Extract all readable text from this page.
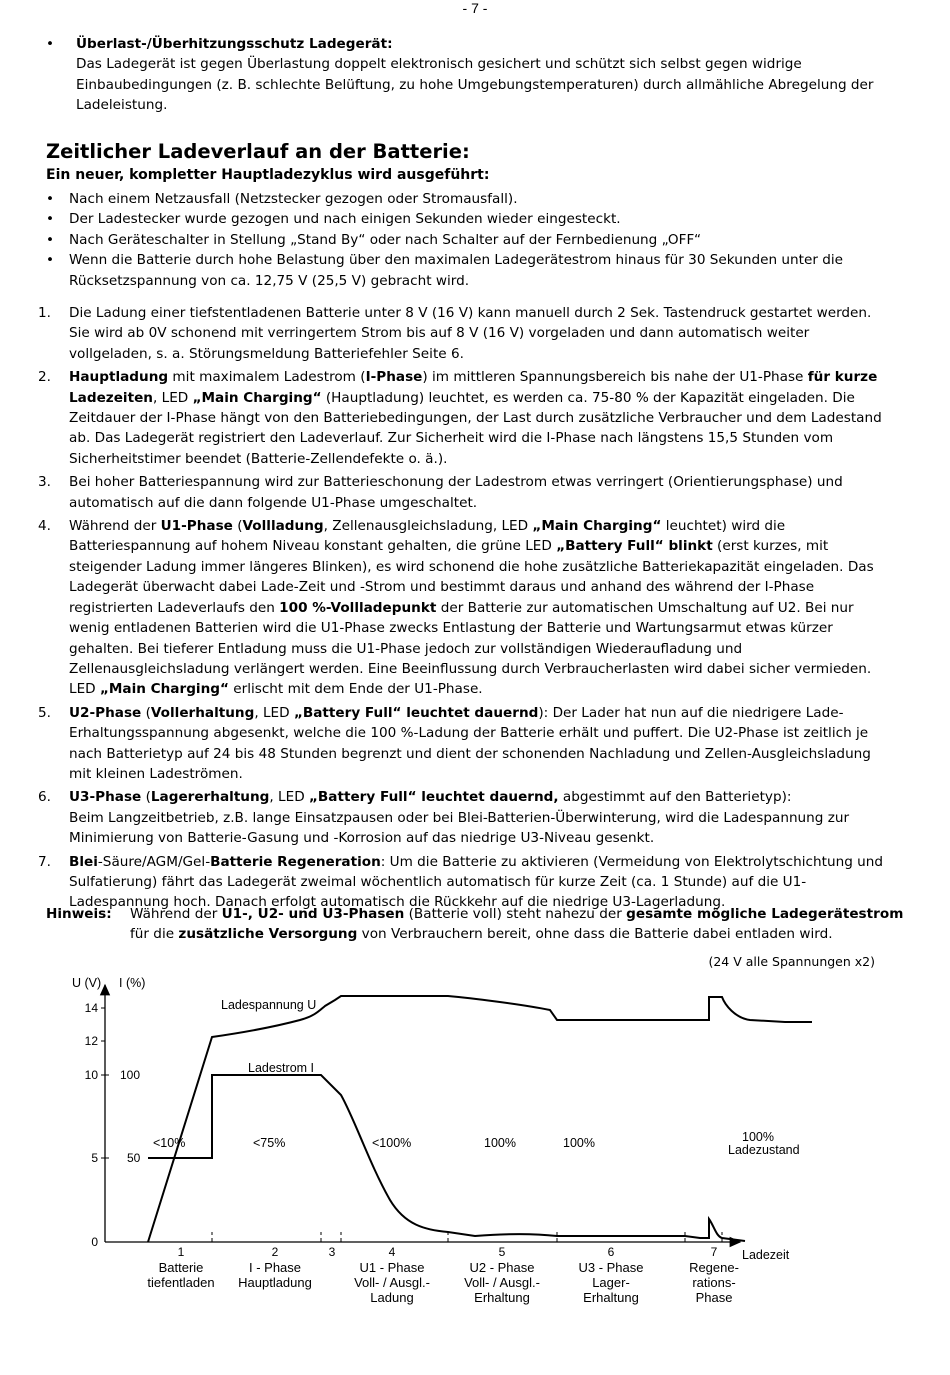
- 7 -
• Überlast-/Überhitzungsschutz Ladegerät:
Das Ladegerät ist gegen Überlastung doppelt elektronisch gesichert und schützt sich selbst gegen widrige Einbaubedingungen (z. B. schlechte Belüftung, zu hohe Umgebungstemperaturen) durch allmähliche Abregelung der Ladeleistung.
Zeitlicher Ladeverlauf an der Batterie:
Ein neuer, kompletter Hauptladezyklus wird ausgeführt:
• Nach einem Netzausfall (Netzstecker gezogen oder Stromausfall).
• Der Ladestecker wurde gezogen und nach einigen Sekunden wieder eingesteckt.
• Nach Geräteschalter in Stellung „Stand By“ oder nach Schalter auf der Fernbedienung „OFF“
• Wenn die Batterie durch hohe Belastung über den maximalen Ladegerätestrom hinaus für 30 Sekunden unter die Rücksetzspannung von ca. 12,75 V (25,5 V) gebracht wird.
1. Die Ladung einer tiefstentladenen Batterie unter 8 V (16 V) kann manuell durch 2 Sek. Tastendruck gestartet werden. Sie wird ab 0V schonend mit verringertem Strom bis auf 8 V (16 V) vorgeladen und dann automatisch weiter vollgeladen, s. a. Störungsmeldung Batteriefehler Seite 6.
2. Hauptladung mit maximalem Ladestrom (I-Phase) im mittleren Spannungsbereich bis nahe der U1-Phase für kurze Ladezeiten, LED „Main Charging“ (Hauptladung) leuchtet, es werden ca. 75-80 % der Kapazität eingeladen. Die Zeitdauer der I-Phase hängt von den Batteriebedingungen, der Last durch zusätzliche Verbraucher und dem Ladestand ab. Das Ladegerät registriert den Ladeverlauf. Zur Sicherheit wird die I-Phase nach längstens 15,5 Stunden vom Sicherheitstimer beendet (Batterie-Zellendefekte o. ä.).
3. Bei hoher Batteriespannung wird zur Batterieschonung der Ladestrom etwas verringert (Orientierungsphase) und automatisch auf die dann folgende U1-Phase umgeschaltet.
4. Während der U1-Phase (Vollladung, Zellenausgleichsladung, LED „Main Charging“ leuchtet) wird die Batteriespannung auf hohem Niveau konstant gehalten, die grüne LED „Battery Full“ blinkt (erst kurzes, mit steigender Ladung immer längeres Blinken), es wird schonend die hohe zusätzliche Batteriekapazität eingeladen. Das Ladegerät überwacht dabei Lade-Zeit und -Strom und bestimmt daraus und anhand des während der I-Phase registrierten Ladeverlaufs den 100 %-Vollladepunkt der Batterie zur automatischen Umschaltung auf U2. Bei nur wenig entladenen Batterien wird die U1-Phase zwecks Entlastung der Batterie und Wartungsarmut etwas kürzer gehalten. Bei tieferer Entladung muss die U1-Phase jedoch zur vollständigen Wiederaufladung und Zellenausgleichsladung verlängert werden. Eine Beeinflussung durch Verbraucherlasten wird dabei sicher vermieden. LED „Main Charging“ erlischt mit dem Ende der U1-Phase.
5. U2-Phase (Vollerhaltung, LED „Battery Full“ leuchtet dauernd): Der Lader hat nun auf die niedrigere Lade-Erhaltungsspannung abgesenkt, welche die 100 %-Ladung der Batterie erhält und puffert. Die U2-Phase ist zeitlich je nach Batterietyp auf 24 bis 48 Stunden begrenzt und dient der schonenden Nachladung und Zellen-Ausgleichsladung mit kleinen Ladeströmen.
6. U3-Phase (Lagererhaltung, LED „Battery Full“ leuchtet dauernd, abgestimmt auf den Batterietyp):
Beim Langzeitbetrieb, z.B. lange Einsatzpausen oder bei Blei-Batterien-Überwinterung, wird die Ladespannung zur Minimierung von Batterie-Gasung und -Korrosion auf das niedrige U3-Niveau gesenkt.
7. Blei-Säure/AGM/Gel-Batterie Regeneration: Um die Batterie zu aktivieren (Vermeidung von Elektrolytschichtung und Sulfatierung) fährt das Ladegerät zweimal wöchentlich automatisch für kurze Zeit (ca. 1 Stunde) auf die U1-Ladespannung hoch. Danach erfolgt automatisch die Rückkehr auf die niedrige U3-Lagerladung.
Hinweis: Während der U1-, U2- und U3-Phasen (Batterie voll) steht nahezu der gesamte mögliche Ladegerätestrom für die zusätzliche Versorgung von Verbrauchern bereit, ohne dass die Batterie dabei entladen wird.
(24 V alle Spannungen x2)
U (V) I (%)
14
12
10
5
0
100
50
Ladespannung U
Ladestrom I
Ladezeit
<10%	<75%	<100%	100%	100%	100%
Ladezustand
1
Batterie
tiefentladen
2
I - Phase
Hauptladung
3	4
U1 - Phase
Voll- / Ausgl.-
Ladung
5
U2 - Phase
Voll- / Ausgl.-
Erhaltung
6
U3 - Phase
Lager-
Erhaltung
7
Regene-
rations-
Phase
